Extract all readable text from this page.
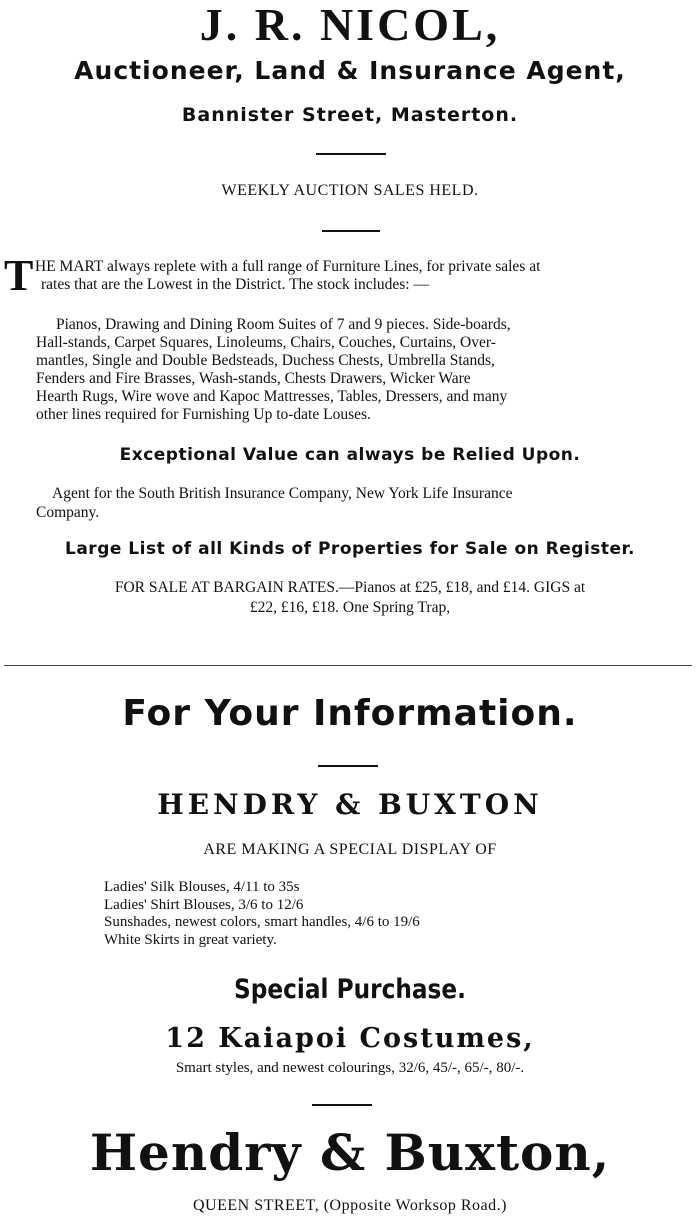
J. R. NICOL,
Auctioneer, Land & Insurance Agent,
Bannister Street, Masterton.
WEEKLY AUCTION SALES HELD.
T HE MART always replete with a full range of Furniture Lines, for private sales at
rates that are the Lowest in the District. The stock includes: —
Pianos, Drawing and Dining Room Suites of 7 and 9 pieces. Side-boards,
Hall-stands, Carpet Squares, Linoleums, Chairs, Couches, Curtains, Over-
mantles, Single and Double Bedsteads, Duchess Chests, Umbrella Stands,
Fenders and Fire Brasses, Wash-stands, Chests Drawers, Wicker Ware
Hearth Rugs, Wire wove and Kapoc Mattresses, Tables, Dressers, and many
other lines required for Furnishing Up to-date Louses.
Exceptional Value can always be Relied Upon.
Agent for the South British Insurance Company, New York Life Insurance
Company.
Large List of all Kinds of Properties for Sale on Register.
FOR SALE AT BARGAIN RATES.—Pianos at £25, £18, and £14. GIGS at
£22, £16, £18. One Spring Trap,
For Your Information.
HENDRY & BUXTON
ARE MAKING A SPECIAL DISPLAY OF
Ladies' Silk Blouses, 4/11 to 35s
Ladies' Shirt Blouses, 3/6 to 12/6
Sunshades, newest colors, smart handles, 4/6 to 19/6
White Skirts in great variety.
Special Purchase.
12 Kaiapoi Costumes,
Smart styles, and newest colourings, 32/6, 45/-, 65/-, 80/-.
Hendry & Buxton,
QUEEN STREET, (Opposite Worksop Road.)
